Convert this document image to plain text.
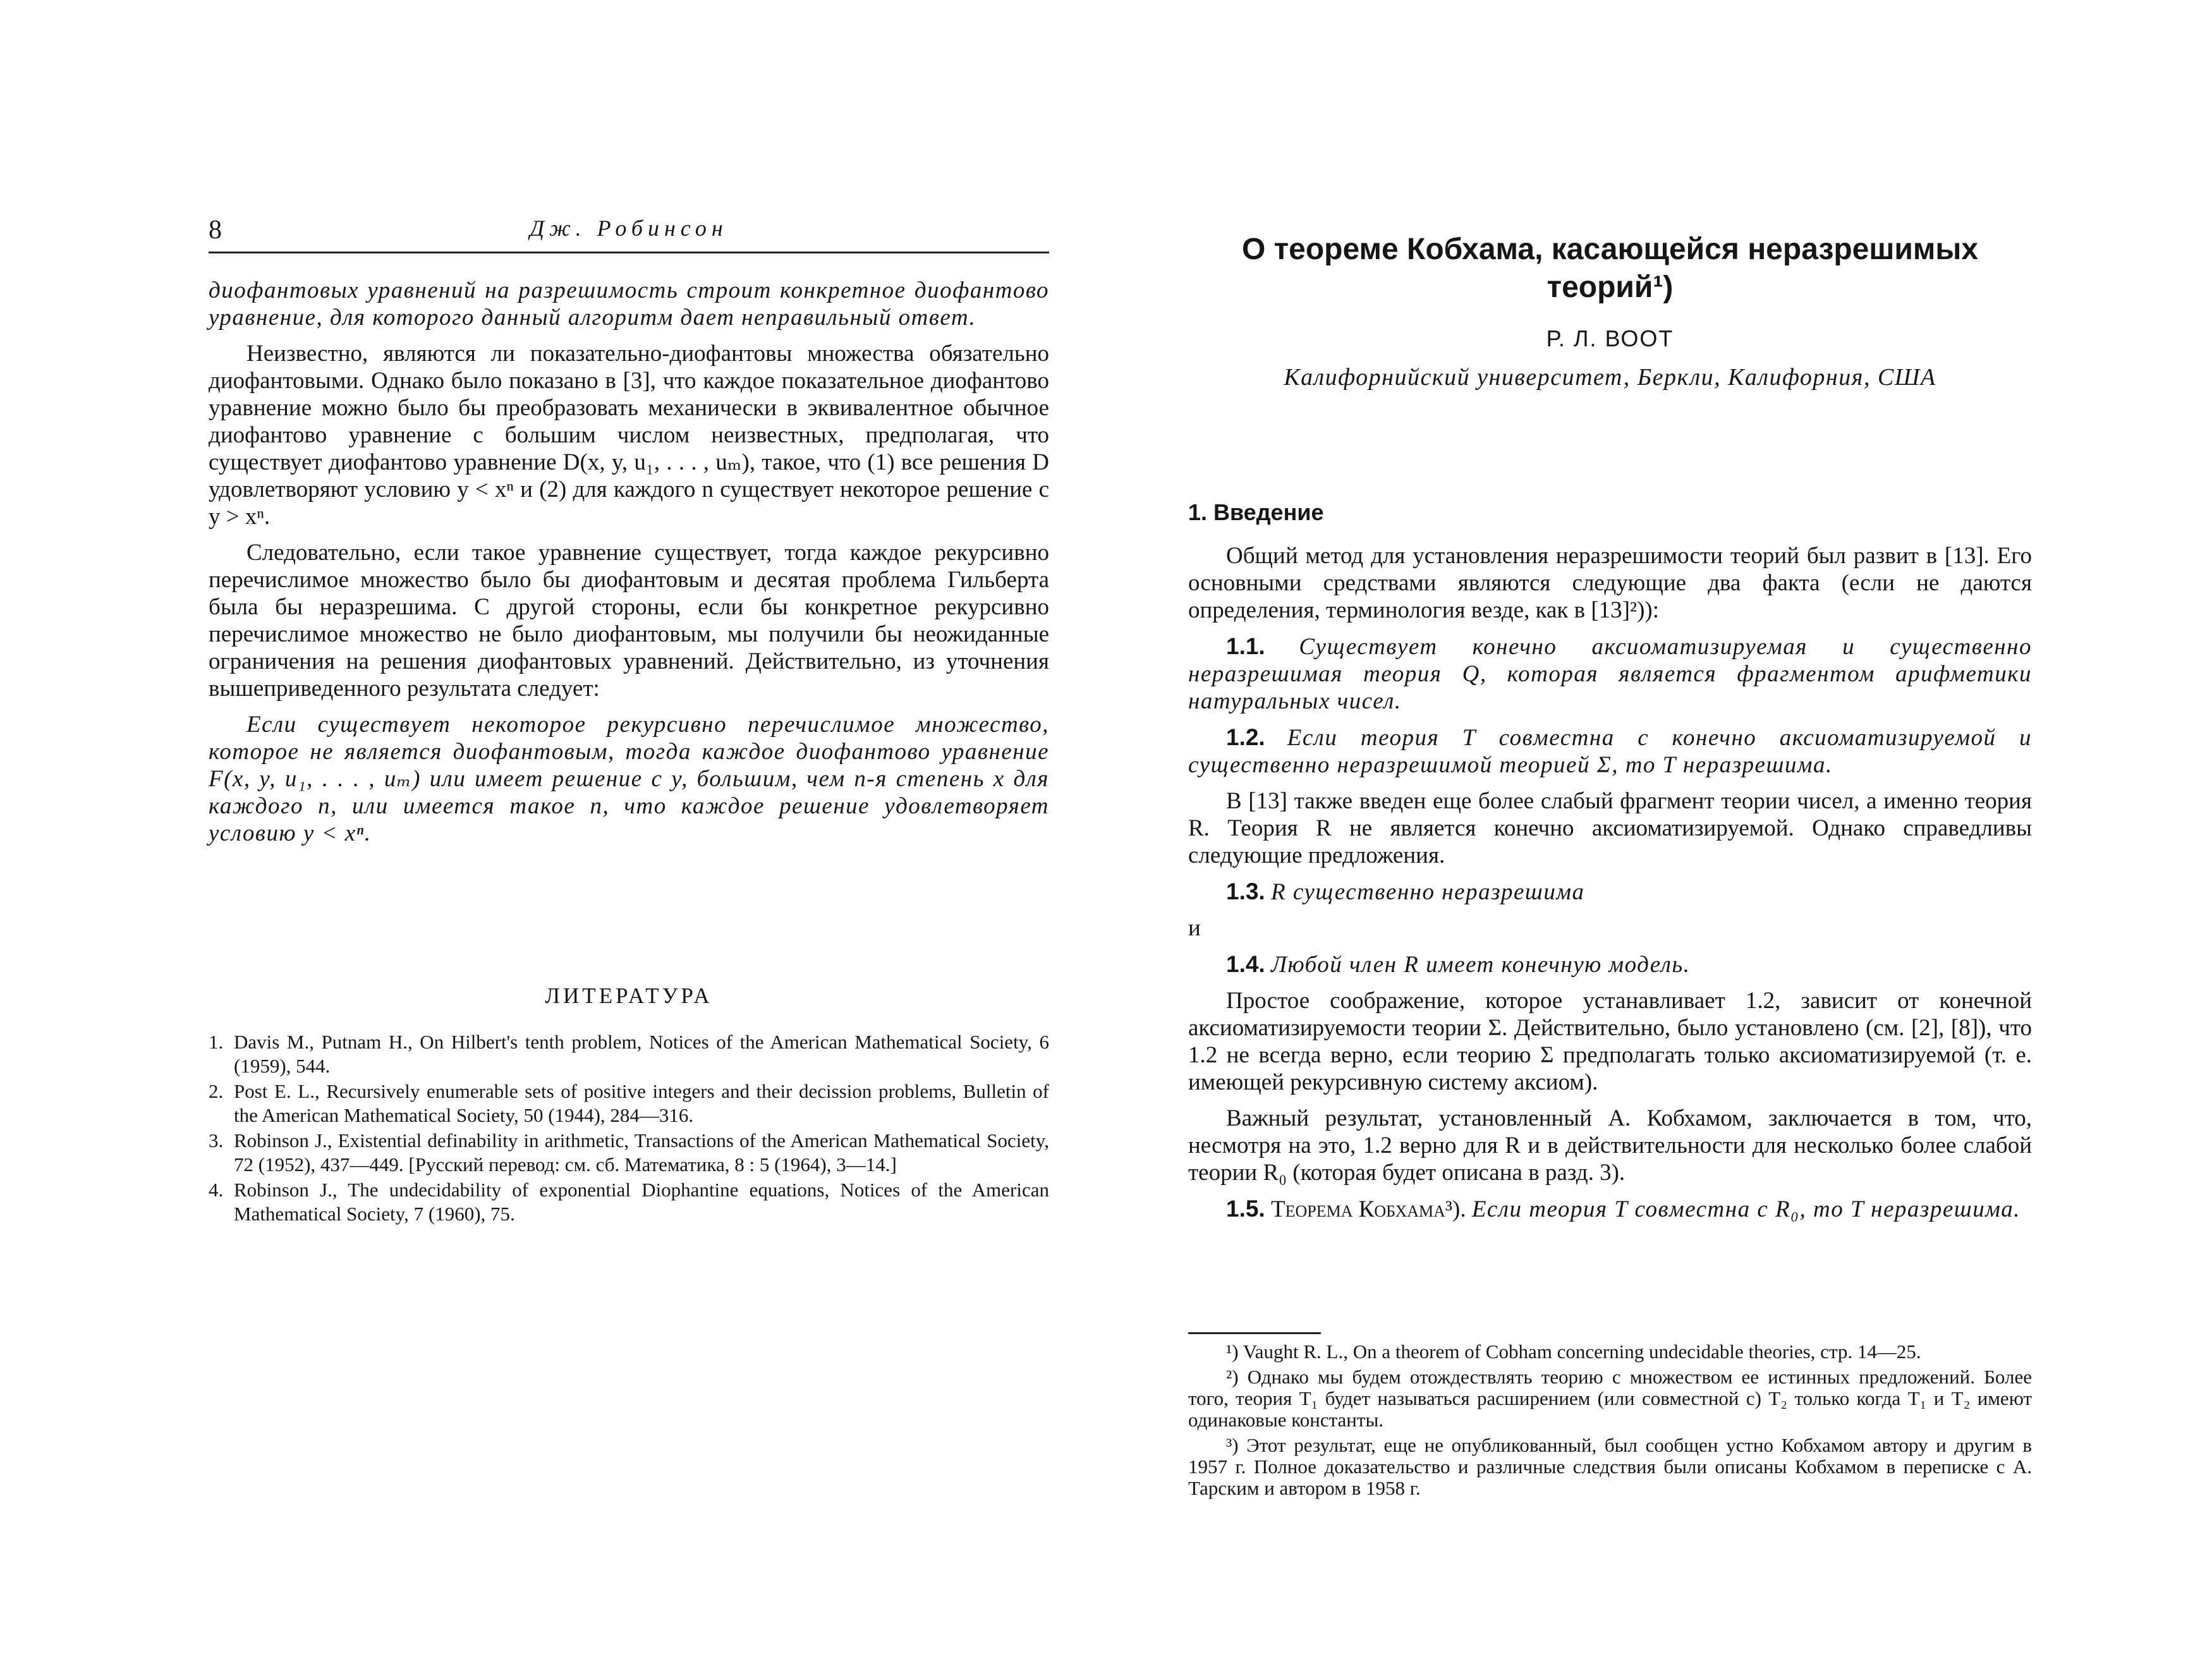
8	Дж. Робинсон

диофантовых уравнений на разрешимость строит конкретное диофантово уравнение, для которого данный алгоритм дает неправильный ответ.

Неизвестно, являются ли показательно-диофантовы множества обязательно диофантовыми. Однако было показано в [3], что каждое показательное диофантово уравнение можно было бы преобразовать механически в эквивалентное обычное диофантово уравнение с большим числом неизвестных, предполагая, что существует диофантово уравнение D(x, y, u₁, . . . , uₘ), такое, что (1) все решения D удовлетворяют условию y < xⁿ и (2) для каждого n существует некоторое решение с y > xⁿ.

Следовательно, если такое уравнение существует, тогда каждое рекурсивно перечислимое множество было бы диофантовым и десятая проблема Гильберта была бы неразрешима. С другой стороны, если бы конкретное рекурсивно перечислимое множество не было диофантовым, мы получили бы неожиданные ограничения на решения диофантовых уравнений. Действительно, из уточнения вышеприведенного результата следует:

Если существует некоторое рекурсивно перечислимое множество, которое не является диофантовым, тогда каждое диофантово уравнение F(x, y, u₁, . . . , uₘ) или имеет решение с y, большим, чем n-я степень x для каждого n, или имеется такое n, что каждое решение удовлетворяет условию y < xⁿ.

ЛИТЕРАТУРА
1. Davis M., Putnam H., On Hilbert's tenth problem, Notices of the American Mathematical Society, 6 (1959), 544.
2. Post E. L., Recursively enumerable sets of positive integers and their decission problems, Bulletin of the American Mathematical Society, 50 (1944), 284—316.
3. Robinson J., Existential definability in arithmetic, Transactions of the American Mathematical Society, 72 (1952), 437—449. [Русский перевод: см. сб. Математика, 8 : 5 (1964), 3—14.]
4. Robinson J., The undecidability of exponential Diophantine equations, Notices of the American Mathematical Society, 7 (1960), 75.
О теореме Кобхама, касающейся неразрешимых теорий¹)
Р. Л. ВООТ
Калифорнийский университет, Беркли, Калифорния, США
1. Введение

Общий метод для установления неразрешимости теорий был развит в [13]. Его основными средствами являются следующие два факта (если не даются определения, терминология везде, как в [13]²)):

1.1. Существует конечно аксиоматизируемая и существенно неразрешимая теория Q, которая является фрагментом арифметики натуральных чисел.

1.2. Если теория T совместна с конечно аксиоматизируемой и существенно неразрешимой теорией Σ, то T неразрешима.

В [13] также введен еще более слабый фрагмент теории чисел, а именно теория R. Теория R не является конечно аксиоматизируемой. Однако справедливы следующие предложения.

1.3. R существенно неразрешима

и

1.4. Любой член R имеет конечную модель.

Простое соображение, которое устанавливает 1.2, зависит от конечной аксиоматизируемости теории Σ. Действительно, было установлено (см. [2], [8]), что 1.2 не всегда верно, если теорию Σ предполагать только аксиоматизируемой (т. е. имеющей рекурсивную систему аксиом).

Важный результат, установленный А. Кобхамом, заключается в том, что, несмотря на это, 1.2 верно для R и в действительности для несколько более слабой теории R₀ (которая будет описана в разд. 3).

1.5. Теорема Кобхама³). Если теория T совместна с R₀, то T неразрешима.

¹) Vaught R. L., On a theorem of Cobham concerning undecidable theories, стр. 14—25.

²) Однако мы будем отождествлять теорию с множеством ее истинных предложений. Более того, теория T₁ будет называться расширением (или совместной с) T₂ только когда T₁ и T₂ имеют одинаковые константы.

³) Этот результат, еще не опубликованный, был сообщен устно Кобхамом автору и другим в 1957 г. Полное доказательство и различные следствия были описаны Кобхамом в переписке с А. Тарским и автором в 1958 г.
